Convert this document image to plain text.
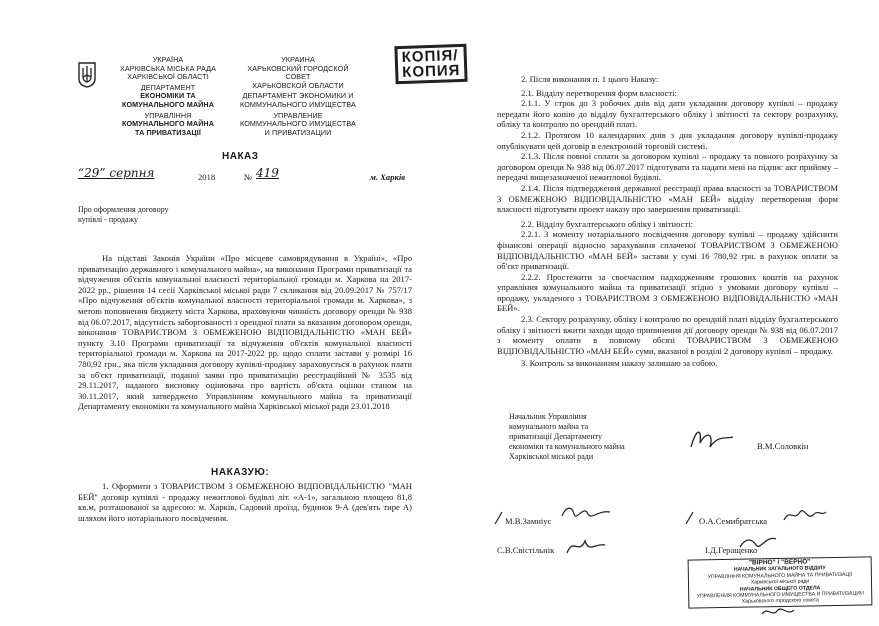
УКРАЇНА
ХАРКІВСЬКА МІСЬКА РАДА
ХАРКІВСЬКОЇ ОБЛАСТІ
ДЕПАРТАМЕНТ
ЕКОНОМІКИ ТА
КОМУНАЛЬНОГО МАЙНА
УПРАВЛІННЯ
КОМУНАЛЬНОГО МАЙНА
ТА ПРИВАТИЗАЦІЇ
УКРАИНА
ХАРЬКОВСКИЙ ГОРОДСКОЙ
СОВЕТ
ХАРЬКОВСКОЙ ОБЛАСТИ
ДЕПАРТАМЕНТ ЭКОНОМИКИ И
КОММУНАЛЬНОГО ИМУЩЕСТВА
УПРАВЛЕНИЕ
КОММУНАЛЬНОГО ИМУЩЕСТВА
И ПРИВАТИЗАЦИИ
КОПІЯ/
КОПИЯ
НАКАЗ
“29” серпня	2018	№ 419	м. Харків
Про оформлення договору
купівлі - продажу

На підставі Законів України «Про місцеве самоврядування в Україні», «Про приватизацію державного і комунального майна», на виконання Програми приватизації та відчуження об'єктів комунальної власності територіальної громади м. Харкова на 2017-2022 рр., рішення 14 сесії Харківської міської ради 7 скликання від 20.09.2017 № 757/17 «Про відчуження об'єктів комунальної власності територіальної громади м. Харкова», з метою поповнення бюджету міста Харкова, враховуючи чинність договору оренди № 938 від 06.07.2017, відсутність заборгованості з орендної плати за вказаним договором оренди, виконання ТОВАРИСТВОМ З ОБМЕЖЕНОЮ ВІДПОВІДАЛЬНІСТЮ «МАН БЕЙ» пункту 3.10 Програми приватизації та відчуження об'єктів комунальної власності територіальної громади м. Харкова на 2017-2022 рр. щодо сплати застави у розмірі 16 780,92 грн., яка після укладання договору купівлі-продажу зараховується в рахунок плати за об'єкт приватизації, поданої заяви про приватизацію реєстраційний № 3535 від 29.11.2017, наданого висновку оцінювача про вартість об'єкта оцінки станом на 30.11.2017, який затверджено Управлінням комунального майна та приватизації Департаменту економіки та комунального майна Харківської міської ради 23.01.2018

НАКАЗУЮ:

1. Оформити з ТОВАРИСТВОМ З ОБМЕЖЕНОЮ ВІДПОВІДАЛЬНІСТЮ "МАН БЕЙ" договір купівлі - продажу нежитлової будівлі літ. «А-1», загальною площею 81,8 кв.м, розташованої за адресою: м. Харків, Садовий проїзд, будинок 9-А (дев'ять тире А) шляхом його нотаріального посвідчення.

2. Після виконання п. 1 цього Наказу:

2.1. Відділу перетворення форм власності:

2.1.1. У строк до 3 робочих днів від дати укладання договору купівлі – продажу передати його копію до відділу бухгалтерського обліку і звітності та сектору розрахунку, обліку та контролю по орендній платі.

2.1.2. Протягом 10 календарних днів з дня укладання договору купівлі-продажу опублікувати цей договір в електронній торговій системі.

2.1.3. Після повної сплати за договором купівлі – продажу та повного розрахунку за договором оренди № 938 від 06.07.2017 підготувати та надати мені на підпис акт прийому – передачі вищезазначеної нежитлової будівлі.

2.1.4. Після підтвердження державної реєстрації права власності за ТОВАРИСТВОМ З ОБМЕЖЕНОЮ ВІДПОВІДАЛЬНІСТЮ «МАН БЕЙ» відділу перетворення форм власності підготувати проект наказу про завершення приватизації.

2.2. Відділу бухгалтерського обліку і звітності:

2.2.1. З моменту нотаріального посвідчення договору купівлі – продажу здійснити фінансові операції відносно зарахування сплаченої ТОВАРИСТВОМ З ОБМЕЖЕНОЮ ВІДПОВІДАЛЬНІСТЮ «МАН БЕЙ» застави у сумі 16 780,92 грн. в рахунок оплати за об'єкт приватизації.

2.2.2. Простежити за своєчасним надходженням грошових коштів на рахунок управління комунального майна та приватизації згідно з умовами договору купівлі – продажу, укладеного з ТОВАРИСТВОМ З ОБМЕЖЕНОЮ ВІДПОВІДАЛЬНІСТЮ «МАН БЕЙ».

2.3. Сектору розрахунку, обліку і контролю по орендній платі відділу бухгалтерського обліку і звітності вжити заходи щодо припинення дії договору оренди № 938 від 06.07.2017 з моменту оплати в повному обсязі ТОВАРИСТВОМ З ОБМЕЖЕНОЮ ВІДПОВІДАЛЬНІСТЮ «МАН БЕЙ» суми, вказаної в розділі 2 договору купівлі – продажу.

3. Контроль за виконанням наказу залишаю за собою.

Начальник Управління
комунального майна та
приватизації Департаменту
економіки та комунального майна
Харківської міської ради
В.М.Соловкін
М.В.Замніус	О.А.Семибратська
С.В.Свістільнік	І.Д.Геращенко
"ВІРНО" / "ВЕРНО"
НАЧАЛЬНИК ЗАГАЛЬНОГО ВІДДІЛУ
УПРАВЛІННЯ КОМУНАЛЬНОГО МАЙНА ТА ПРИВАТИЗАЦІЇ
Харківської міської ради
НАЧАЛЬНИК ОБЩЕГО ОТДЕЛА
УПРАВЛЕНИЯ КОММУНАЛЬНОГО ИМУЩЕСТВА И ПРИВАТИЗАЦИИ
Харьковского городского совета
